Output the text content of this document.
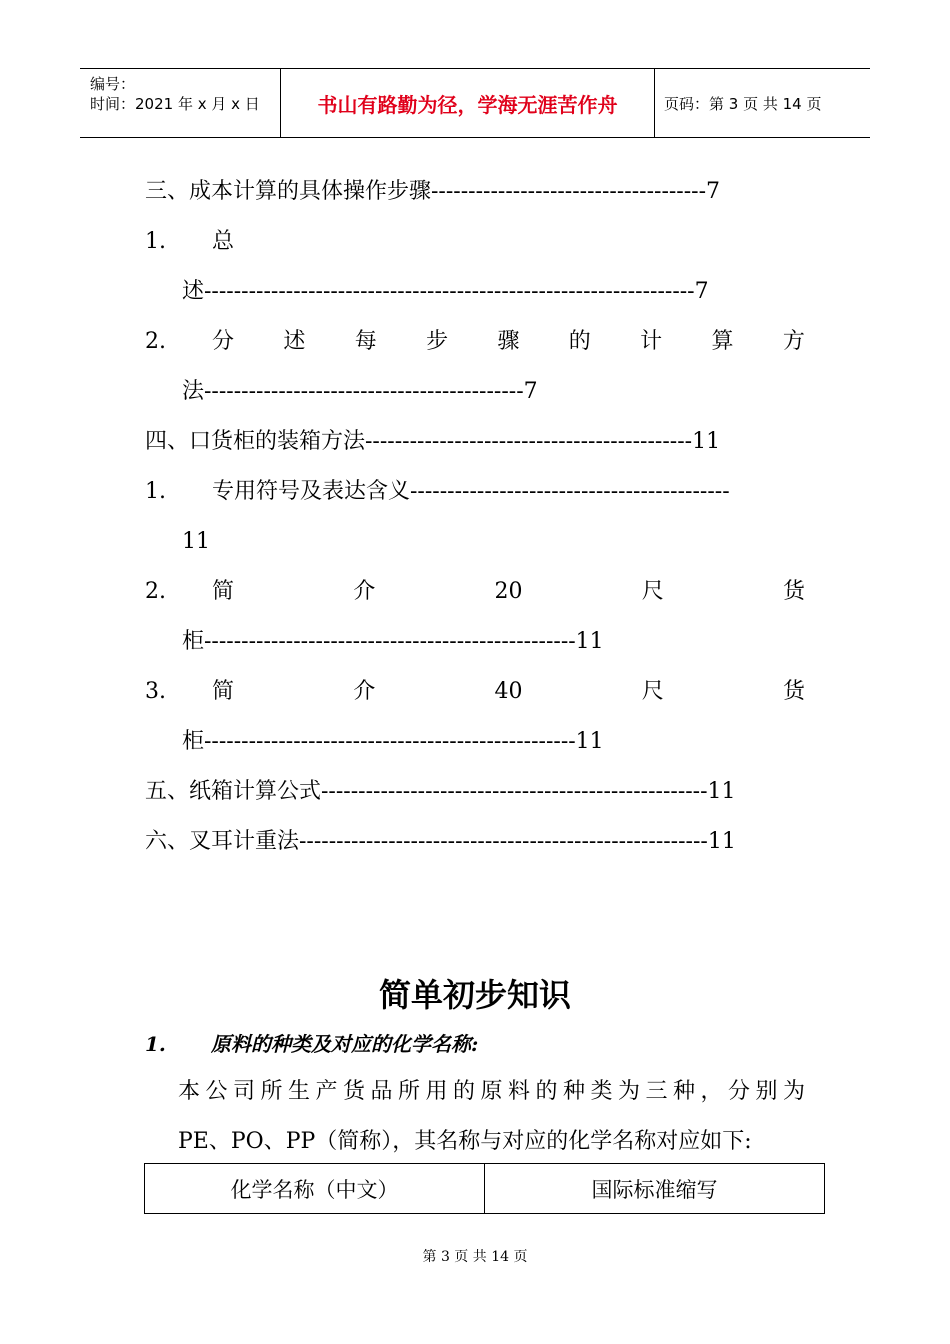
编号：
时间：2021 年 x 月 x 日	书山有路勤为径，学海无涯苦作舟	页码：第 3 页 共 14 页
三、成本计算的具体操作步骤-------------------------------------7
1. 总
述------------------------------------------------------------------7
2. 分 述 每 步 骤 的 计 算 方
法-------------------------------------------7
四、口货柜的装箱方法--------------------------------------------11
1. 专用符号及表达含义-------------------------------------------
11
2. 简	介	20	尺	货
柜--------------------------------------------------11
3. 简	介	40	尺	货
柜--------------------------------------------------11
五、纸箱计算公式----------------------------------------------------11
六、叉耳计重法-------------------------------------------------------11
简单初步知识
1. 原料的种类及对应的化学名称:
本公司所生产货品所用的原料的种类为三种，分别为
PE、PO、PP（简称），其名称与对应的化学名称对应如下:
化学名称（中文）	国际标准缩写
第 3 页 共 14 页
